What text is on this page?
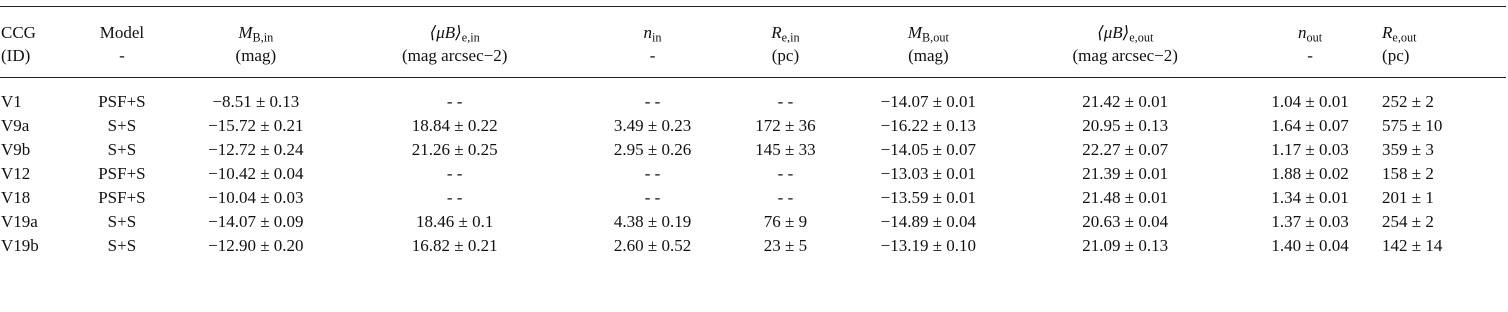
CCG	Model	$M_{B,in}$	$⟨\mu B⟩_{e,in}$	$n_{in}$	$R_{e,in}$	$M_{B,out}$	$⟨\mu B⟩_{e,out}$	$n_{out}$	$R_{e,out}$
(ID)	-	(mag)	(mag arcsec−2)	-	(pc)	(mag)	(mag arcsec−2)	-	(pc)
V1	PSF+S	−8.51 ± 0.13	- -	- -	- -	−14.07 ± 0.01	21.42 ± 0.01	1.04 ± 0.01	252 ± 2
V9a	S+S	−15.72 ± 0.21	18.84 ± 0.22	3.49 ± 0.23	172 ± 36	−16.22 ± 0.13	20.95 ± 0.13	1.64 ± 0.07	575 ± 10
V9b	S+S	−12.72 ± 0.24	21.26 ± 0.25	2.95 ± 0.26	145 ± 33	−14.05 ± 0.07	22.27 ± 0.07	1.17 ± 0.03	359 ± 3
V12	PSF+S	−10.42 ± 0.04	- -	- -	- -	−13.03 ± 0.01	21.39 ± 0.01	1.88 ± 0.02	158 ± 2
V18	PSF+S	−10.04 ± 0.03	- -	- -	- -	−13.59 ± 0.01	21.48 ± 0.01	1.34 ± 0.01	201 ± 1
V19a	S+S	−14.07 ± 0.09	18.46 ± 0.1	4.38 ± 0.19	76 ± 9	−14.89 ± 0.04	20.63 ± 0.04	1.37 ± 0.03	254 ± 2
V19b	S+S	−12.90 ± 0.20	16.82 ± 0.21	2.60 ± 0.52	23 ± 5	−13.19 ± 0.10	21.09 ± 0.13	1.40 ± 0.04	142 ± 14
